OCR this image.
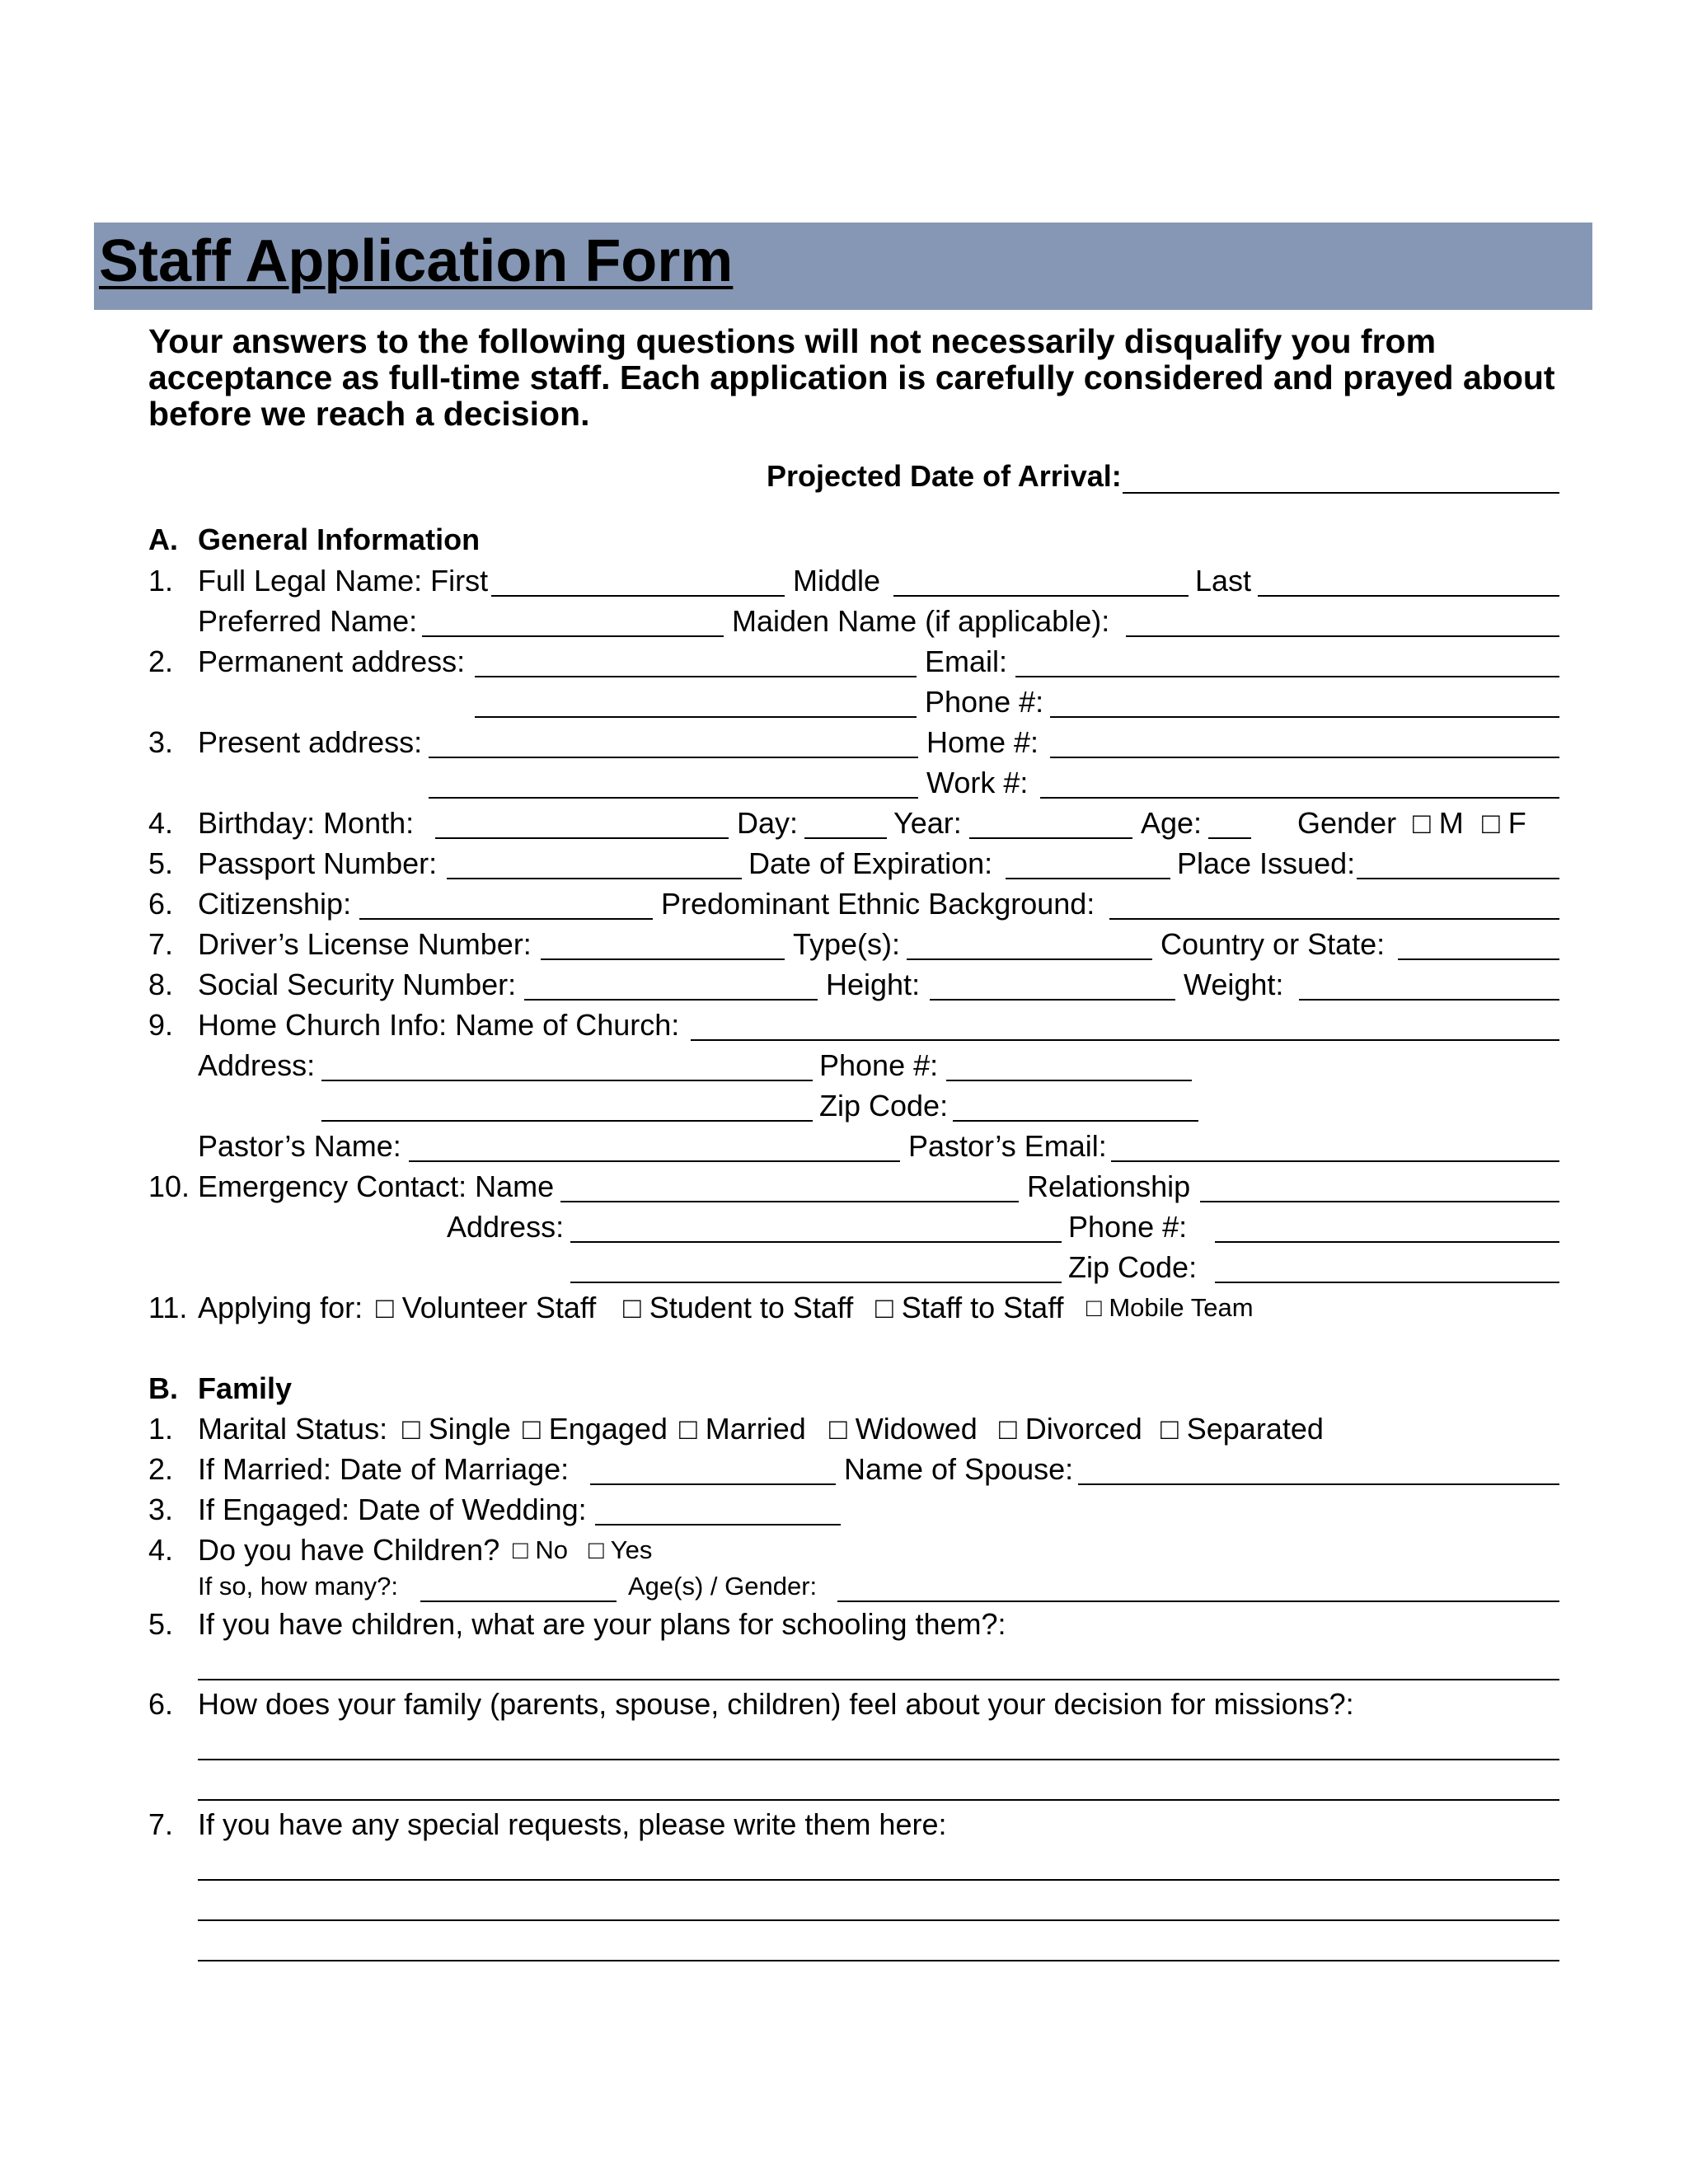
Staff Application Form
Your answers to the following questions will not necessarily disqualify you from acceptance as full-time staff. Each application is carefully considered and prayed about before we reach a decision.
Projected Date of Arrival:
A. General Information
1. Full Legal Name: First	Middle	Last
Preferred Name:	Maiden Name (if applicable):
2. Permanent address:	Email:
Phone #:
3. Present address:	Home #:
Work #:
4. Birthday: Month:	Day:	Year:	Age:	Gender □ M □ F
5. Passport Number:	Date of Expiration:	Place Issued:
6. Citizenship:	Predominant Ethnic Background:
7. Driver’s License Number:	Type(s):	Country or State:
8. Social Security Number:	Height:	Weight:
9. Home Church Info: Name of Church:
Address:	Phone #:
Zip Code:
Pastor’s Name:	Pastor’s Email:
10. Emergency Contact: Name	Relationship
Address:	Phone #:
Zip Code:
11. Applying for: □ Volunteer Staff □ Student to Staff □ Staff to Staff □ Mobile Team
B. Family
1. Marital Status: □ Single □ Engaged □ Married □ Widowed □ Divorced □ Separated
2. If Married: Date of Marriage:	Name of Spouse:
3. If Engaged: Date of Wedding:
4. Do you have Children? □ No □ Yes
If so, how many?:	Age(s) / Gender:
5. If you have children, what are your plans for schooling them?:
6. How does your family (parents, spouse, children) feel about your decision for missions?:
7. If you have any special requests, please write them here:
